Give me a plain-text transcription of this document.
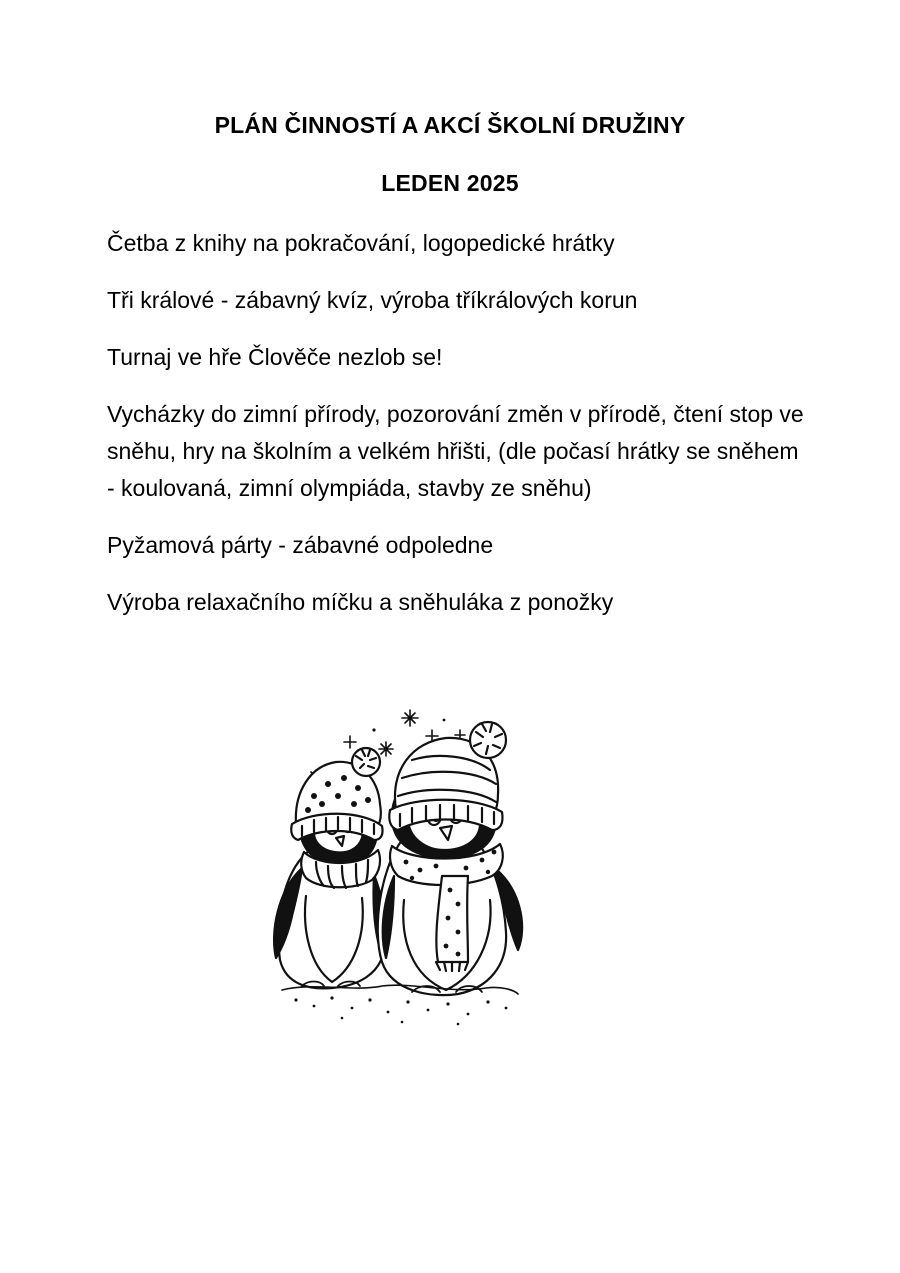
PLÁN ČINNOSTÍ A AKCÍ ŠKOLNÍ DRUŽINY
LEDEN 2025
Četba z knihy na pokračování, logopedické hrátky
Tři králové - zábavný kvíz, výroba tříkrálových korun
Turnaj ve hře Člověče nezlob se!
Vycházky do zimní přírody, pozorování změn v přírodě, čtení stop ve sněhu, hry na školním a velkém hřišti, (dle počasí hrátky se sněhem - koulovaná, zimní olympiáda, stavby ze sněhu)
Pyžamová párty - zábavné odpoledne
Výroba relaxačního míčku a sněhuláka z ponožky
